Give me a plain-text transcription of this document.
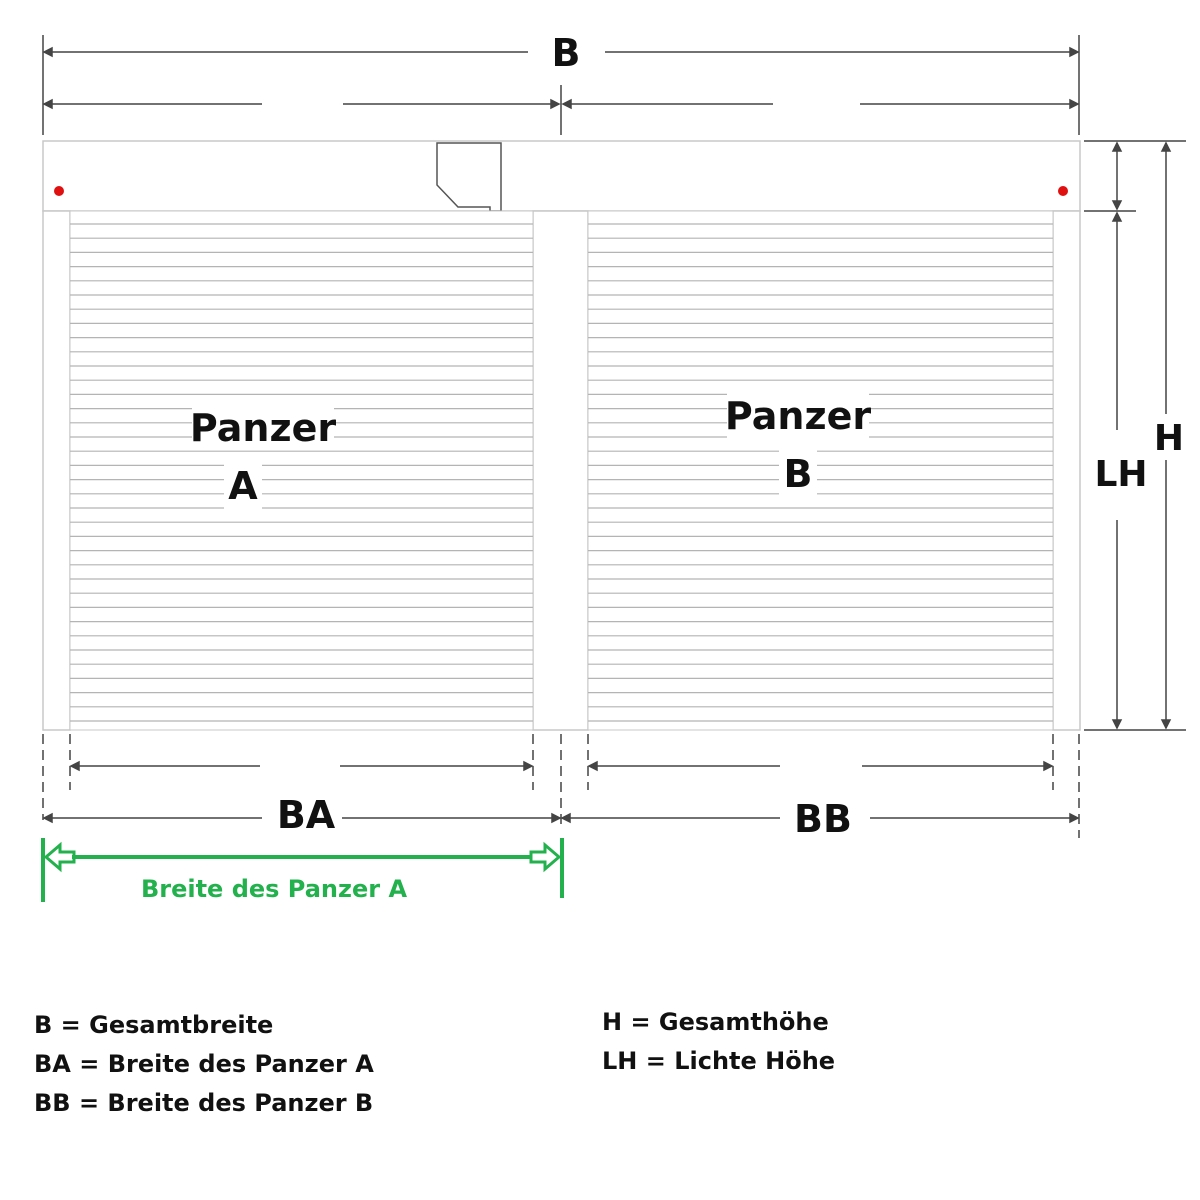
B
Panzer
A
Panzer
B	LH
H
BA	BB
Breite des Panzer A
B = Gesamtbreite
BA = Breite des Panzer A
BB = Breite des Panzer B
H = Gesamthöhe
LH = Lichte Höhe
